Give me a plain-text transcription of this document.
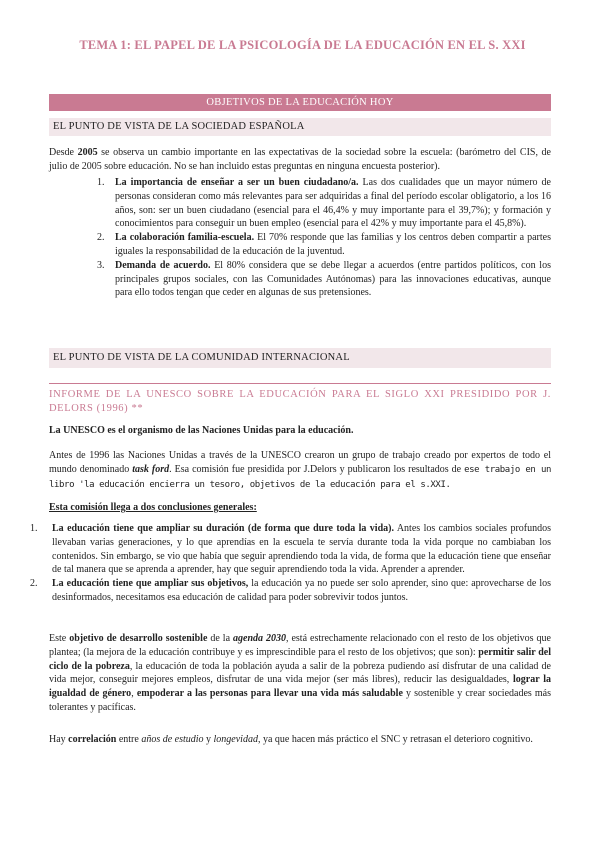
TEMA 1: EL PAPEL DE LA PSICOLOGÍA DE LA EDUCACIÓN EN EL S. XXI
OBJETIVOS DE LA EDUCACIÓN HOY
EL PUNTO DE VISTA DE LA SOCIEDAD ESPAÑOLA
Desde 2005 se observa un cambio importante en las expectativas de la sociedad sobre la escuela: (barómetro del CIS, de julio de 2005 sobre educación. No se han incluido estas preguntas en ninguna encuesta posterior).
1. La importancia de enseñar a ser un buen ciudadano/a. Las dos cualidades que un mayor número de personas consideran como más relevantes para ser adquiridas a final del período escolar obligatorio, a los 16 años, son: ser un buen ciudadano (esencial para el 46,4% y muy importante para el 39,7%); y formación y conocimientos para conseguir un buen empleo (esencial para el 42% y muy importante para el 45,8%).
2. La colaboración familia-escuela. El 70% responde que las familias y los centros deben compartir a partes iguales la responsabilidad de la educación de la juventud.
3. Demanda de acuerdo. El 80% considera que se debe llegar a acuerdos (entre partidos políticos, con los principales grupos sociales, con las Comunidades Autónomas) para las innovaciones educativas, aunque para ello todos tengan que ceder en algunas de sus pretensiones.
EL PUNTO DE VISTA DE LA COMUNIDAD INTERNACIONAL
INFORME DE LA UNESCO SOBRE LA EDUCACIÓN PARA EL SIGLO XXI PRESIDIDO POR J. DELORS (1996) **
La UNESCO es el organismo de las Naciones Unidas para la educación.
Antes de 1996 las Naciones Unidas a través de la UNESCO crearon un grupo de trabajo creado por expertos de todo el mundo denominado task ford. Esa comisión fue presidida por J.Delors y publicaron los resultados de ese trabajo en un libro 'la educación encierra un tesoro, objetivos de la educación para el s.XXI.
Esta comisión llega a dos conclusiones generales:
1. La educación tiene que ampliar su duración (de forma que dure toda la vida). Antes los cambios sociales profundos llevaban varias generaciones, y lo que aprendías en la escuela te servía durante toda la vida porque no cambiaban los contenidos. Sin embargo, se vio que había que seguir aprendiendo toda la vida, de forma que la educación tiene que enseñar de tal manera que se aprenda a aprender, hay que seguir aprendiendo toda la vida. Aprender a aprender.
2. La educación tiene que ampliar sus objetivos, la educación ya no puede ser solo aprender, sino que: aprovecharse de los desinformados, necesitamos esa educación de calidad para poder sobrevivir todos juntos.
Este objetivo de desarrollo sostenible de la agenda 2030, está estrechamente relacionado con el resto de los objetivos que plantea; (la mejora de la educación contribuye y es imprescindible para el resto de los objetivos; que son): permitir salir del ciclo de la pobreza, la educación de toda la población ayuda a salir de la pobreza pudiendo así disfrutar de una calidad de vida mejor, conseguir mejores empleos, disfrutar de una vida mejor (ser más libres), reducir las desigualdades, lograr la igualdad de género, empoderar a las personas para llevar una vida más saludable y sostenible y crear sociedades más tolerantes y pacíficas.
Hay correlación entre años de estudio y longevidad, ya que hacen más práctico el SNC y retrasan el deterioro cognitivo.
